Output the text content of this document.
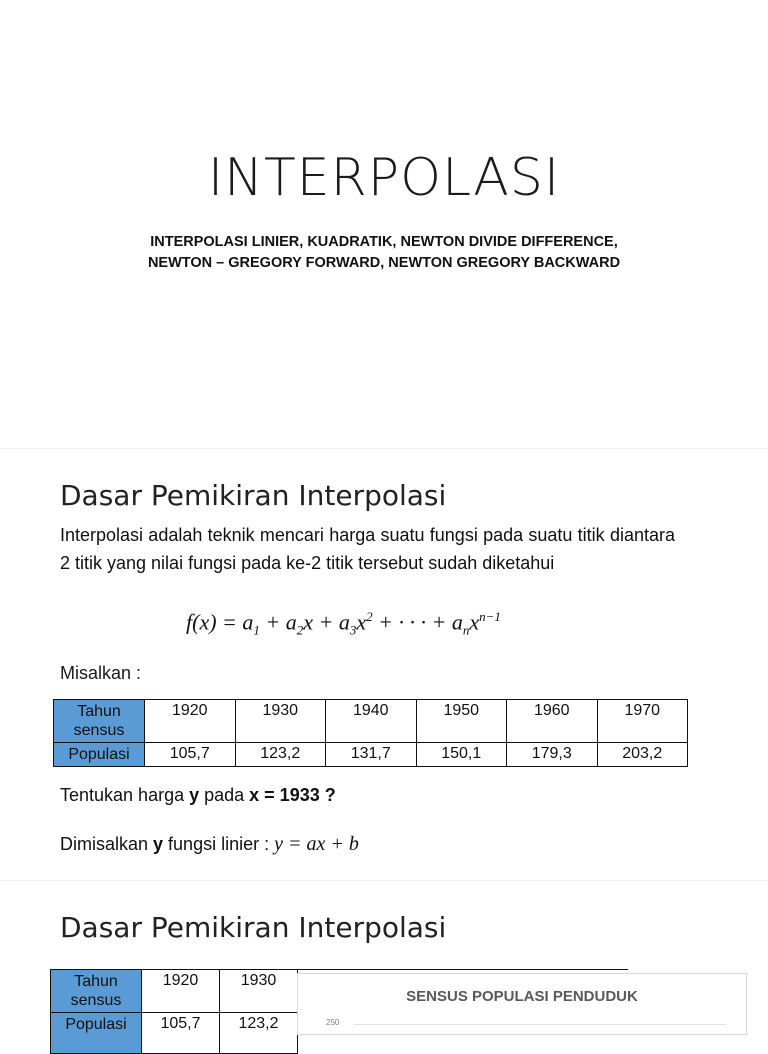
INTERPOLASI
INTERPOLASI LINIER, KUADRATIK, NEWTON DIVIDE DIFFERENCE,
NEWTON – GREGORY FORWARD, NEWTON GREGORY BACKWARD
Dasar Pemikiran Interpolasi
Interpolasi adalah teknik mencari harga suatu fungsi pada suatu titik diantara 2 titik yang nilai fungsi pada ke-2 titik tersebut sudah diketahui
$f(x) = a_1 + a_2x + a_3x^2$ + · · · + $a_nx^{n-1}$
Misalkan :
Tahun sensus	1920	1930	1940	1950	1960	1970
Populasi	105,7	123,2	131,7	150,1	179,3	203,2
Tentukan harga y pada x = 1933 ?
Dimisalkan y fungsi linier : y = ax + b
Dasar Pemikiran Interpolasi
Tahun sensus	1920	1930
Populasi	105,7	123,2
SENSUS POPULASI PENDUDUK
250
